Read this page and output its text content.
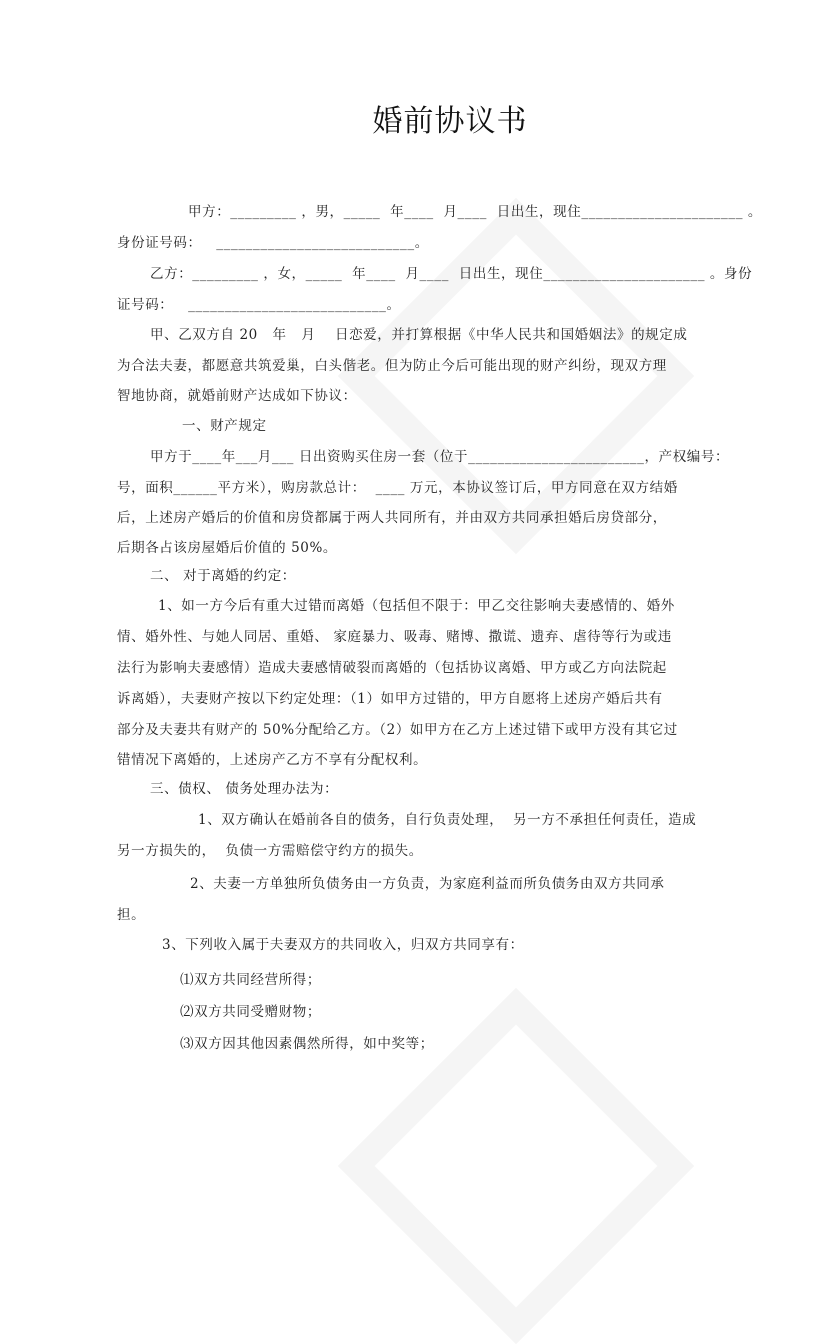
婚前协议书
甲方：_________ ，男，_____  年____  月____  日出生，现住______________________ 。
身份证号码：   ___________________________。
乙方：_________ ，女，_____  年____  月____  日出生，现住______________________ 。身份
证号码：   ___________________________。
甲、乙双方自 20   年   月    日恋爱，并打算根据《中华人民共和国婚姻法》的规定成
为合法夫妻，都愿意共筑爱巢，白头偕老。但为防止今后可能出现的财产纠纷，现双方理
智地协商，就婚前财产达成如下协议：
一、财产规定
甲方于____年___月___ 日出资购买住房一套（位于________________________，产权编号：
号，面积______平方米），购房款总计：  ____ 万元，本协议签订后，甲方同意在双方结婚
后，上述房产婚后的价值和房贷都属于两人共同所有，并由双方共同承担婚后房贷部分，
后期各占该房屋婚后价值的 50%。
二、 对于离婚的约定：
1、如一方今后有重大过错而离婚（包括但不限于：甲乙交往影响夫妻感情的、婚外
情、婚外性、与她人同居、重婚、 家庭暴力、吸毒、赌博、撒谎、遗弃、虐待等行为或违
法行为影响夫妻感情）造成夫妻感情破裂而离婚的（包括协议离婚、甲方或乙方向法院起
诉离婚），夫妻财产按以下约定处理：（1）如甲方过错的，甲方自愿将上述房产婚后共有
部分及夫妻共有财产的 50%分配给乙方。（2）如甲方在乙方上述过错下或甲方没有其它过
错情况下离婚的，上述房产乙方不享有分配权利。
三、债权、 债务处理办法为：
1、双方确认在婚前各自的债务，自行负责处理，  另一方不承担任何责任，造成
另一方损失的，  负债一方需赔偿守约方的损失。
2、夫妻一方单独所负债务由一方负责，为家庭利益而所负债务由双方共同承
担。
3、下列收入属于夫妻双方的共同收入，归双方共同享有：
⑴双方共同经营所得；
⑵双方共同受赠财物；
⑶双方因其他因素偶然所得，如中奖等；
